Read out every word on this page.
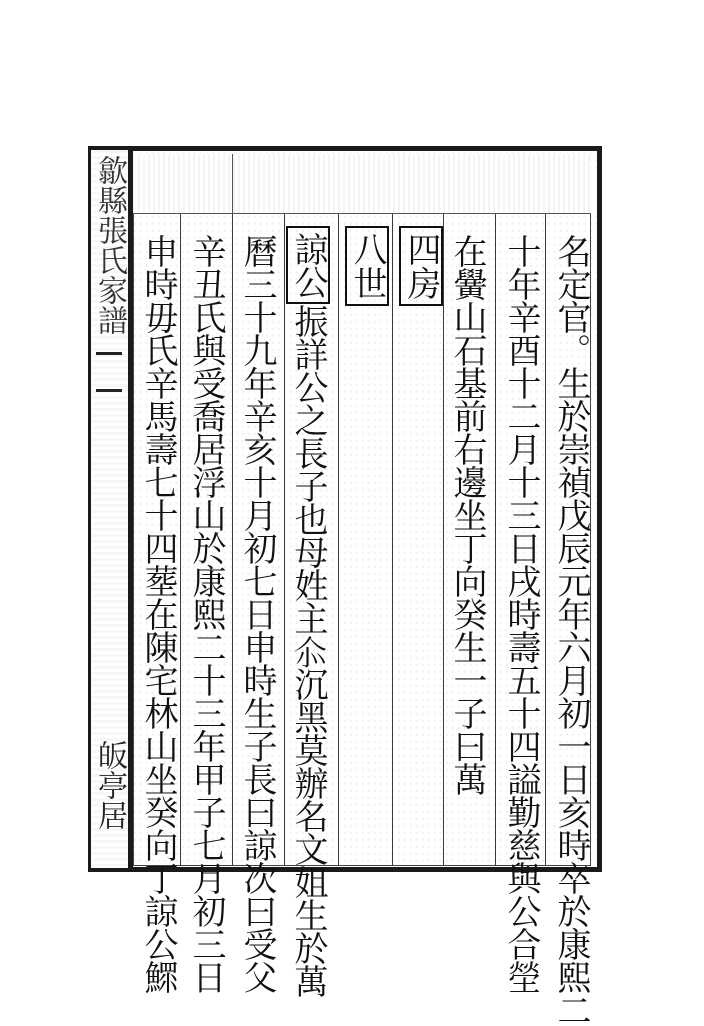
歙縣張氏家譜
皈亭居	名定官。生於崇禎戊辰元年六月初一日亥時卒於康熙二
十年辛酉十二月十三日戌時壽五十四謚勤慈與公合塋
在黌山石基前右邊坐丁向癸生一子曰萬
四房
八世
諒公振詳公之長子也母姓主𠇍沉黑莫辦名文姐生於萬
曆三十九年辛亥十月初七日申時生子長曰諒次曰受父
辛丑氏與受喬居浮山於康熙二十三年甲子七月初三日
申時毋氏辛馬壽七十四塟在陳宅林山坐癸向丁諒公鰥
